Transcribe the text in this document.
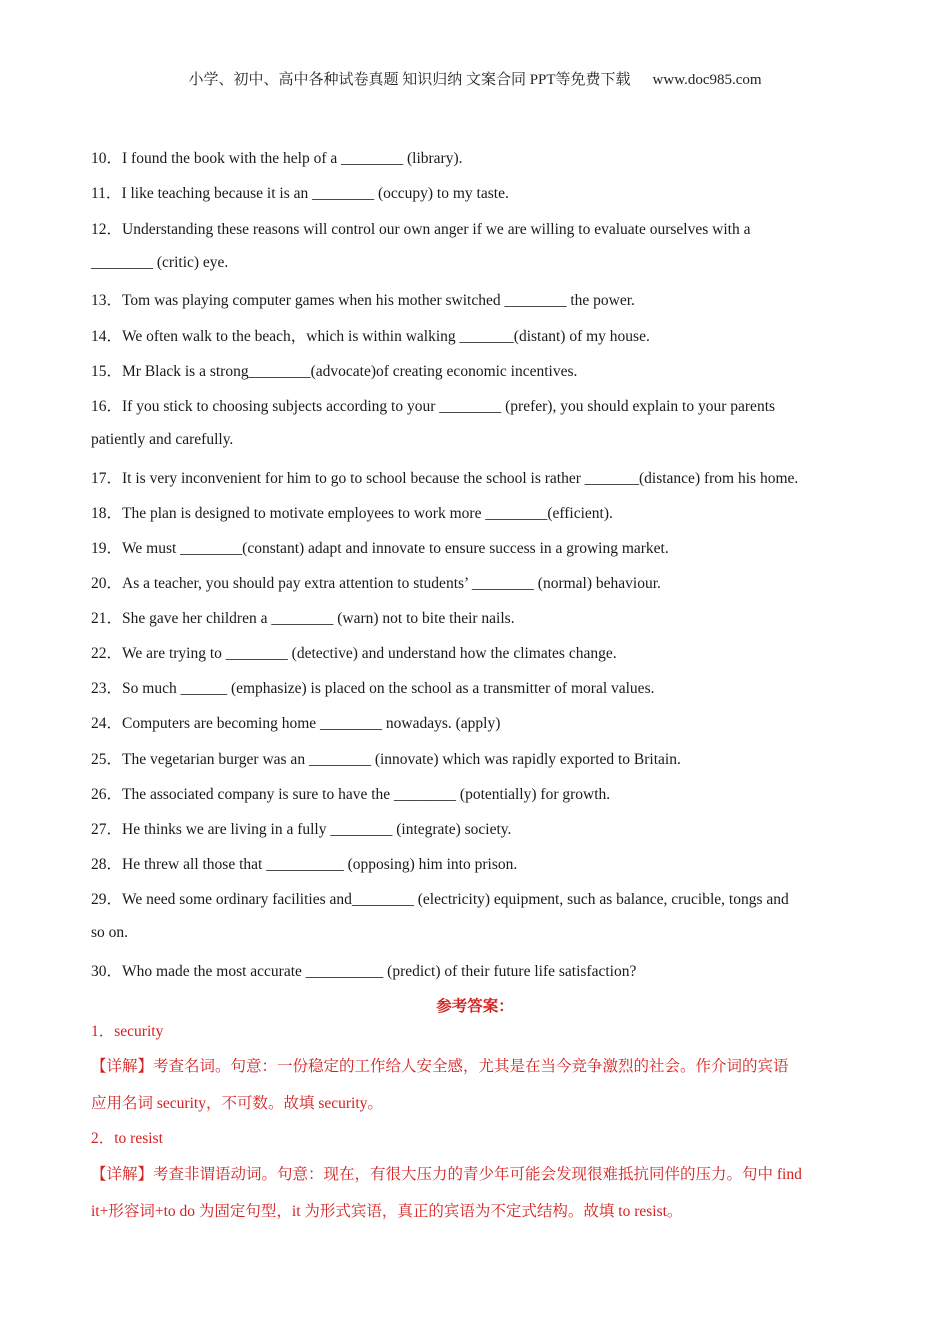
小学、初中、高中各种试卷真题 知识归纳 文案合同 PPT等免费下载 www.doc985.com
10．I found the book with the help of a ________ (library).
11．I like teaching because it is an ________ (occupy) to my taste.
12．Understanding these reasons will control our own anger if we are willing to evaluate ourselves with a
________ (critic) eye.
13．Tom was playing computer games when his mother switched ________ the power.
14．We often walk to the beach，which is within walking _______(distant) of my house.
15．Mr Black is a strong________(advocate)of creating economic incentives.
16．If you stick to choosing subjects according to your ________ (prefer), you should explain to your parents
patiently and carefully.
17．It is very inconvenient for him to go to school because the school is rather _______(distance) from his home.
18．The plan is designed to motivate employees to work more ________(efficient).
19．We must ________(constant) adapt and innovate to ensure success in a growing market.
20．As a teacher, you should pay extra attention to students’ ________ (normal) behaviour.
21．She gave her children a ________ (warn) not to bite their nails.
22．We are trying to ________ (detective) and understand how the climates change.
23．So much ______ (emphasize) is placed on the school as a transmitter of moral values.
24．Computers are becoming home ________ nowadays. (apply)
25．The vegetarian burger was an ________ (innovate) which was rapidly exported to Britain.
26．The associated company is sure to have the ________ (potentially) for growth.
27．He thinks we are living in a fully ________ (integrate) society.
28．He threw all those that __________ (opposing) him into prison.
29．We need some ordinary facilities and________ (electricity) equipment, such as balance, crucible, tongs and
so on.
30．Who made the most accurate __________ (predict) of their future life satisfaction?
参考答案：
1．security
【详解】考查名词。句意：一份稳定的工作给人安全感，尤其是在当今竞争激烈的社会。作介词的宾语
应用名词 security，不可数。故填 security。
2．to resist
【详解】考查非谓语动词。句意：现在，有很大压力的青少年可能会发现很难抵抗同伴的压力。句中 find
it+形容词+to do 为固定句型，it 为形式宾语，真正的宾语为不定式结构。故填 to resist。
